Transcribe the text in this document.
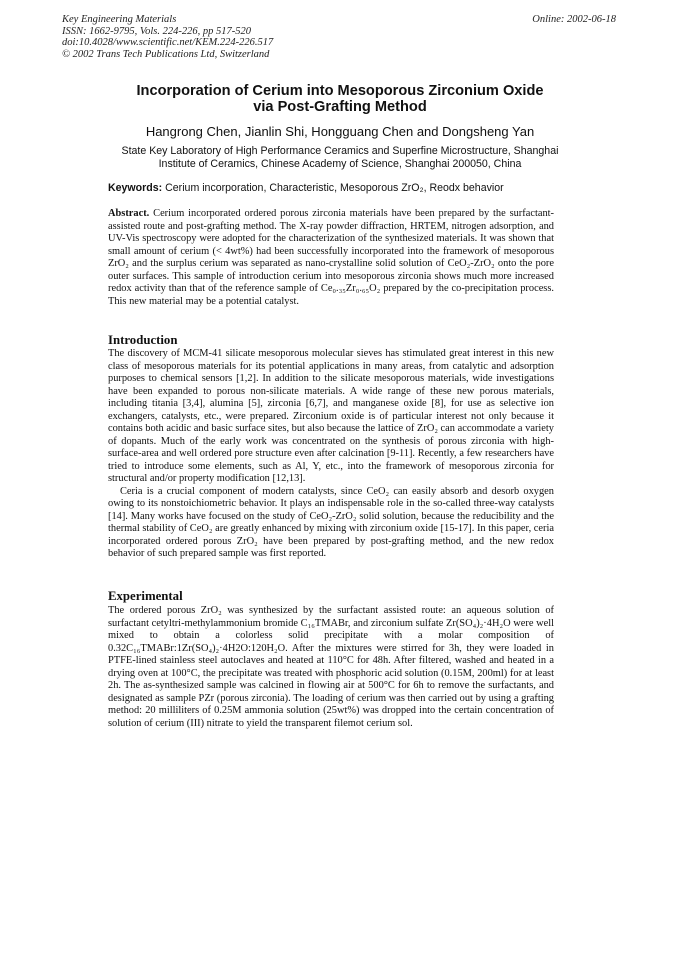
Key Engineering Materials
ISSN: 1662-9795, Vols. 224-226, pp 517-520
doi:10.4028/www.scientific.net/KEM.224-226.517
© 2002 Trans Tech Publications Ltd, Switzerland
Online: 2002-06-18
Incorporation of Cerium into Mesoporous Zirconium Oxide
via Post-Grafting Method
Hangrong Chen, Jianlin Shi, Hongguang Chen and Dongsheng Yan
State Key Laboratory of High Performance Ceramics and Superfine Microstructure, Shanghai
Institute of Ceramics, Chinese Academy of Science, Shanghai 200050, China
Keywords: Cerium incorporation, Characteristic, Mesoporous ZrO₂, Reodx behavior

Abstract. Cerium incorporated ordered porous zirconia materials have been prepared by the surfactant-assisted route and post-grafting method. The X-ray powder diffraction, HRTEM, nitrogen adsorption, and UV-Vis spectroscopy were adopted for the characterization of the synthesized materials. It was shown that small amount of cerium (< 4wt%) had been successfully incorporated into the framework of mesoporous ZrO₂ and the surplus cerium was separated as nano-crystalline solid solution of CeO₂-ZrO₂ onto the pore outer surfaces. This sample of introduction cerium into mesoporous zirconia shows much more increased redox activity than that of the reference sample of Ce₀.₃₅Zr₀.₆₅O₂ prepared by the co-precipitation process. This new material may be a potential catalyst.

Introduction

The discovery of MCM-41 silicate mesoporous molecular sieves has stimulated great interest in this new class of mesoporous materials for its potential applications in many areas, from catalytic and adsorption purposes to chemical sensors [1,2]. In addition to the silicate mesoporous materials, wide investigations have been expanded to porous non-silicate materials. A wide range of these new porous materials, including titania [3,4], alumina [5], zirconia [6,7], and manganese oxide [8], for use as selective ion exchangers, catalysts, etc., were prepared. Zirconium oxide is of particular interest not only because it contains both acidic and basic surface sites, but also because the lattice of ZrO₂ can accommodate a variety of dopants. Much of the early work was concentrated on the synthesis of porous zirconia with high-surface-area and well ordered pore structure even after calcination [9-11]. Recently, a few researchers have tried to introduce some elements, such as Al, Y, etc., into the framework of mesoporous zirconia for structural and/or property modification [12,13].

Ceria is a crucial component of modern catalysts, since CeO₂ can easily absorb and desorb oxygen owing to its nonstoichiometric behavior. It plays an indispensable role in the so-called three-way catalysts [14]. Many works have focused on the study of CeO₂-ZrO₂ solid solution, because the reducibility and the thermal stability of CeO₂ are greatly enhanced by mixing with zirconium oxide [15-17]. In this paper, ceria incorporated ordered porous ZrO₂ have been prepared by post-grafting method, and the new redox behavior of such prepared sample was first reported.

Experimental

The ordered porous ZrO₂ was synthesized by the surfactant assisted route: an aqueous solution of surfactant cetyltri-methylammonium bromide C₁₆TMABr, and zirconium sulfate Zr(SO₄)₂·4H₂O were well mixed to obtain a colorless solid precipitate with a molar composition of 0.32C₁₆TMABr:1Zr(SO₄)₂·4H2O:120H₂O. After the mixtures were stirred for 3h, they were loaded in PTFE-lined stainless steel autoclaves and heated at 110°C for 48h. After filtered, washed and heated in a drying oven at 100°C, the precipitate was treated with phosphoric acid solution (0.15M, 200ml) for at least 2h. The as-synthesized sample was calcined in flowing air at 500°C for 6h to remove the surfactants, and designated as sample PZr (porous zirconia). The loading of cerium was then carried out by using a grafting method: 20 milliliters of 0.25M ammonia solution (25wt%) was dropped into the certain concentration of solution of cerium (III) nitrate to yield the transparent filemot cerium sol.
